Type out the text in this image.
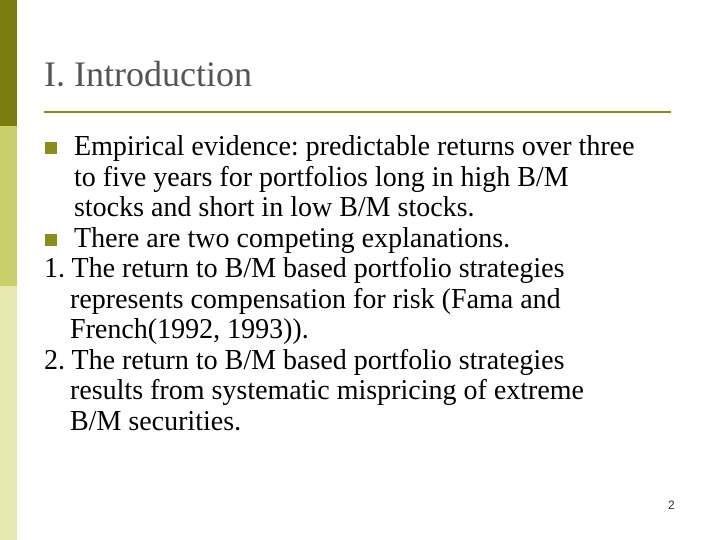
I. Introduction
Empirical evidence: predictable returns over three
to five years for portfolios long in high B/M
stocks and short in low B/M stocks.
There are two competing explanations.
1. The return to B/M based portfolio strategies
represents compensation for risk (Fama and
French(1992, 1993)).
2. The return to B/M based portfolio strategies
results from systematic mispricing of extreme
B/M securities.
2
